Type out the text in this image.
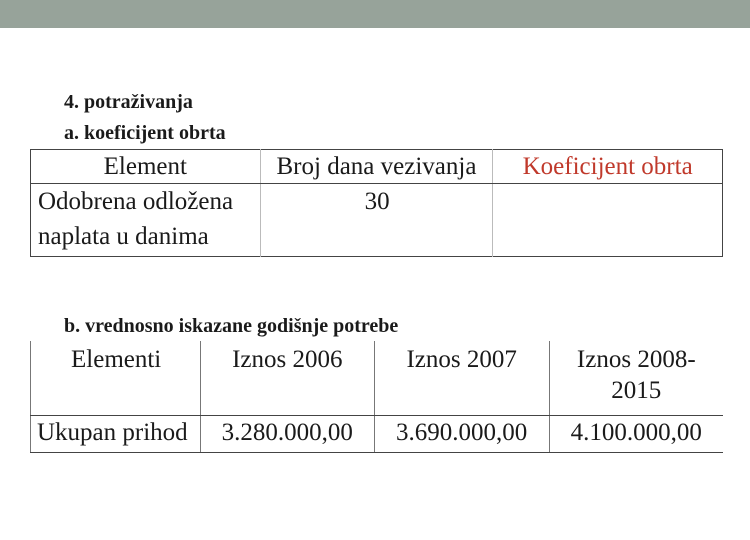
4. potraživanja
a. koeficijent obrta
Element	Broj dana vezivanja	Koeficijent obrta

Odobrena odložena
naplata u danima	30	
b. vrednosno iskazane godišnje potrebe
Elementi	Iznos 2006	Iznos 2007	Iznos 2008-
2015

Ukupan prihod	3.280.000,00	3.690.000,00	4.100.000,00
